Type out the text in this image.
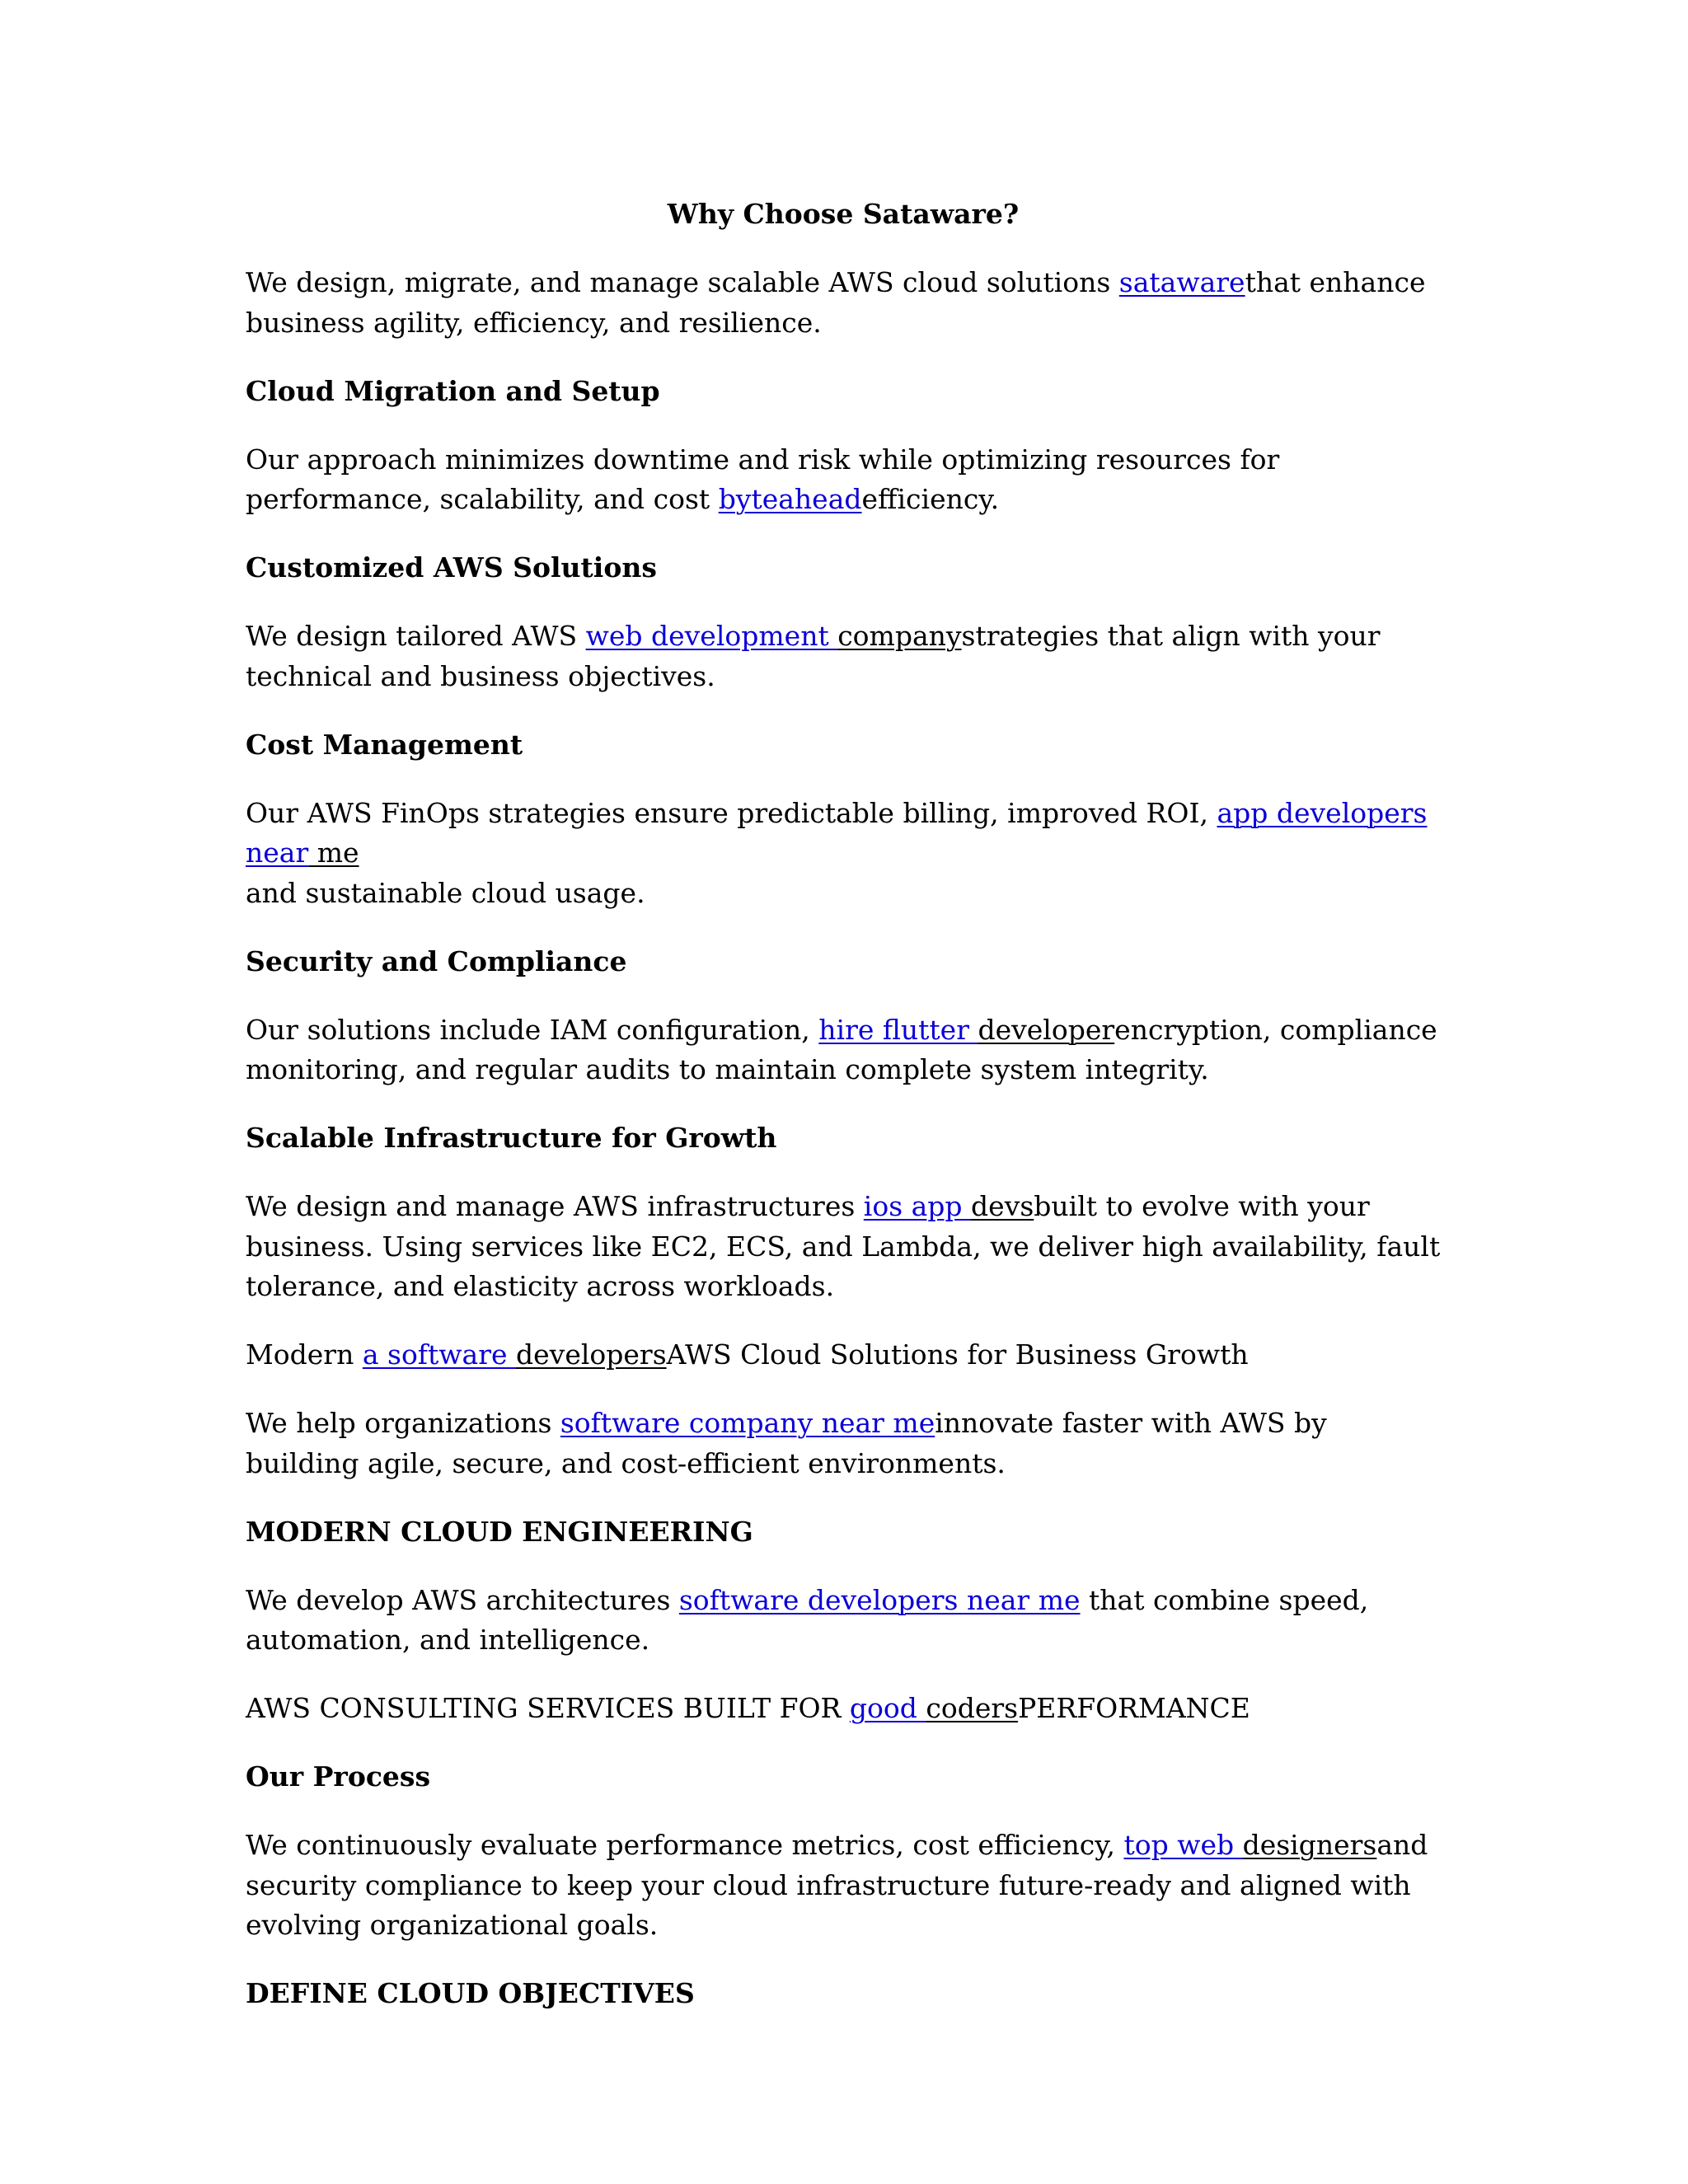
Why Choose Sataware?

We design, migrate, and manage scalable AWS cloud solutions satawarethat enhance business agility, efficiency, and resilience.

Cloud Migration and Setup

Our approach minimizes downtime and risk while optimizing resources for performance, scalability, and cost byteaheadefficiency.

Customized AWS Solutions

We design tailored AWS web development companystrategies that align with your technical and business objectives.

Cost Management

Our AWS FinOps strategies ensure predictable billing, improved ROI, app developers near me
and sustainable cloud usage.

Security and Compliance

Our solutions include IAM configuration, hire flutter developerencryption, compliance monitoring, and regular audits to maintain complete system integrity.

Scalable Infrastructure for Growth

We design and manage AWS infrastructures ios app devsbuilt to evolve with your business. Using services like EC2, ECS, and Lambda, we deliver high availability, fault tolerance, and elasticity across workloads.

Modern a software developersAWS Cloud Solutions for Business Growth

We help organizations software company near meinnovate faster with AWS by building agile, secure, and cost-efficient environments.

MODERN CLOUD ENGINEERING

We develop AWS architectures software developers near me that combine speed, automation, and intelligence.

AWS CONSULTING SERVICES BUILT FOR good codersPERFORMANCE

Our Process

We continuously evaluate performance metrics, cost efficiency, top web designersand security compliance to keep your cloud infrastructure future-ready and aligned with evolving organizational goals.

DEFINE CLOUD OBJECTIVES
